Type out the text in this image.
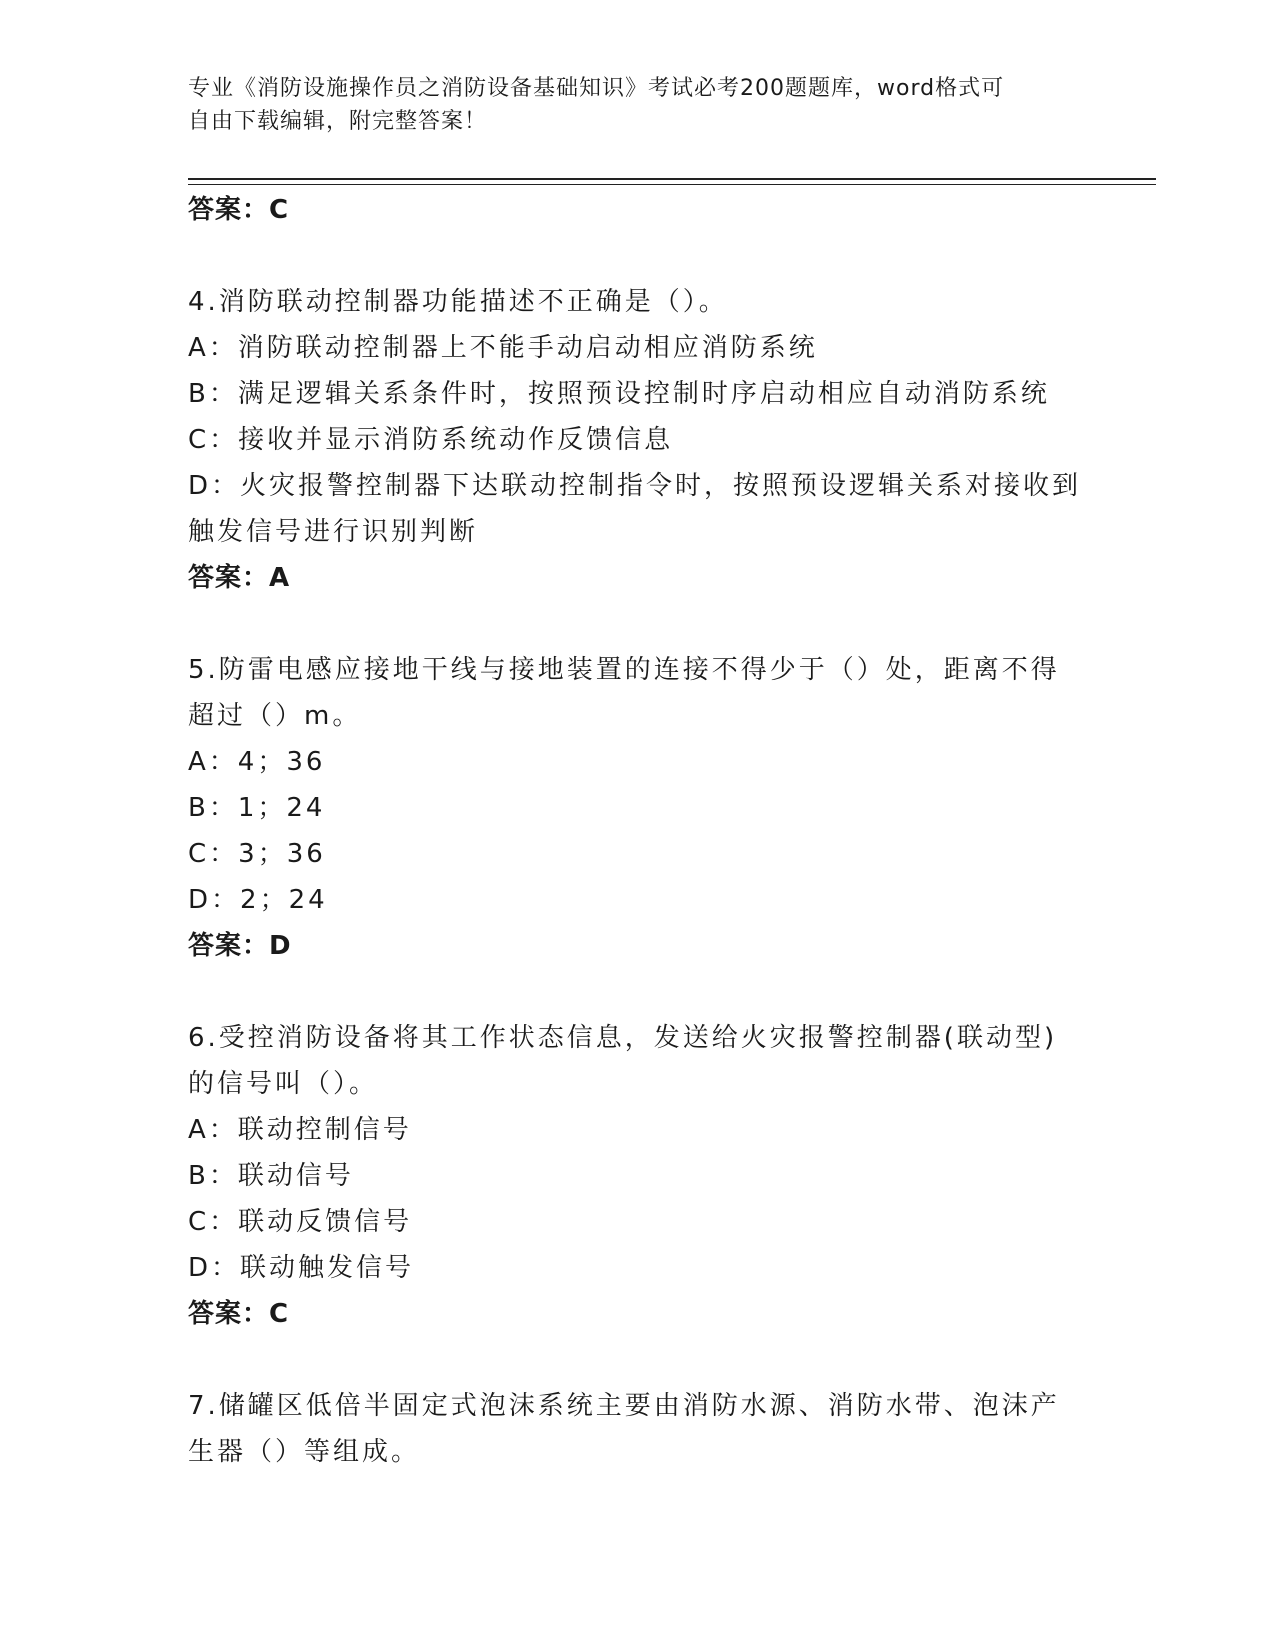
专业《消防设施操作员之消防设备基础知识》考试必考200题题库，word格式可
自由下载编辑，附完整答案！
答案：C
4.消防联动控制器功能描述不正确是（）。
A：消防联动控制器上不能手动启动相应消防系统
B：满足逻辑关系条件时，按照预设控制时序启动相应自动消防系统
C：接收并显示消防系统动作反馈信息
D：火灾报警控制器下达联动控制指令时，按照预设逻辑关系对接收到
触发信号进行识别判断
答案：A
5.防雷电感应接地干线与接地装置的连接不得少于（）处，距离不得
超过（）m。
A：4；36
B：1；24
C：3；36
D：2；24
答案：D
6.受控消防设备将其工作状态信息，发送给火灾报警控制器(联动型)
的信号叫（）。
A：联动控制信号
B：联动信号
C：联动反馈信号
D：联动触发信号
答案：C
7.储罐区低倍半固定式泡沫系统主要由消防水源、消防水带、泡沫产
生器（）等组成。
